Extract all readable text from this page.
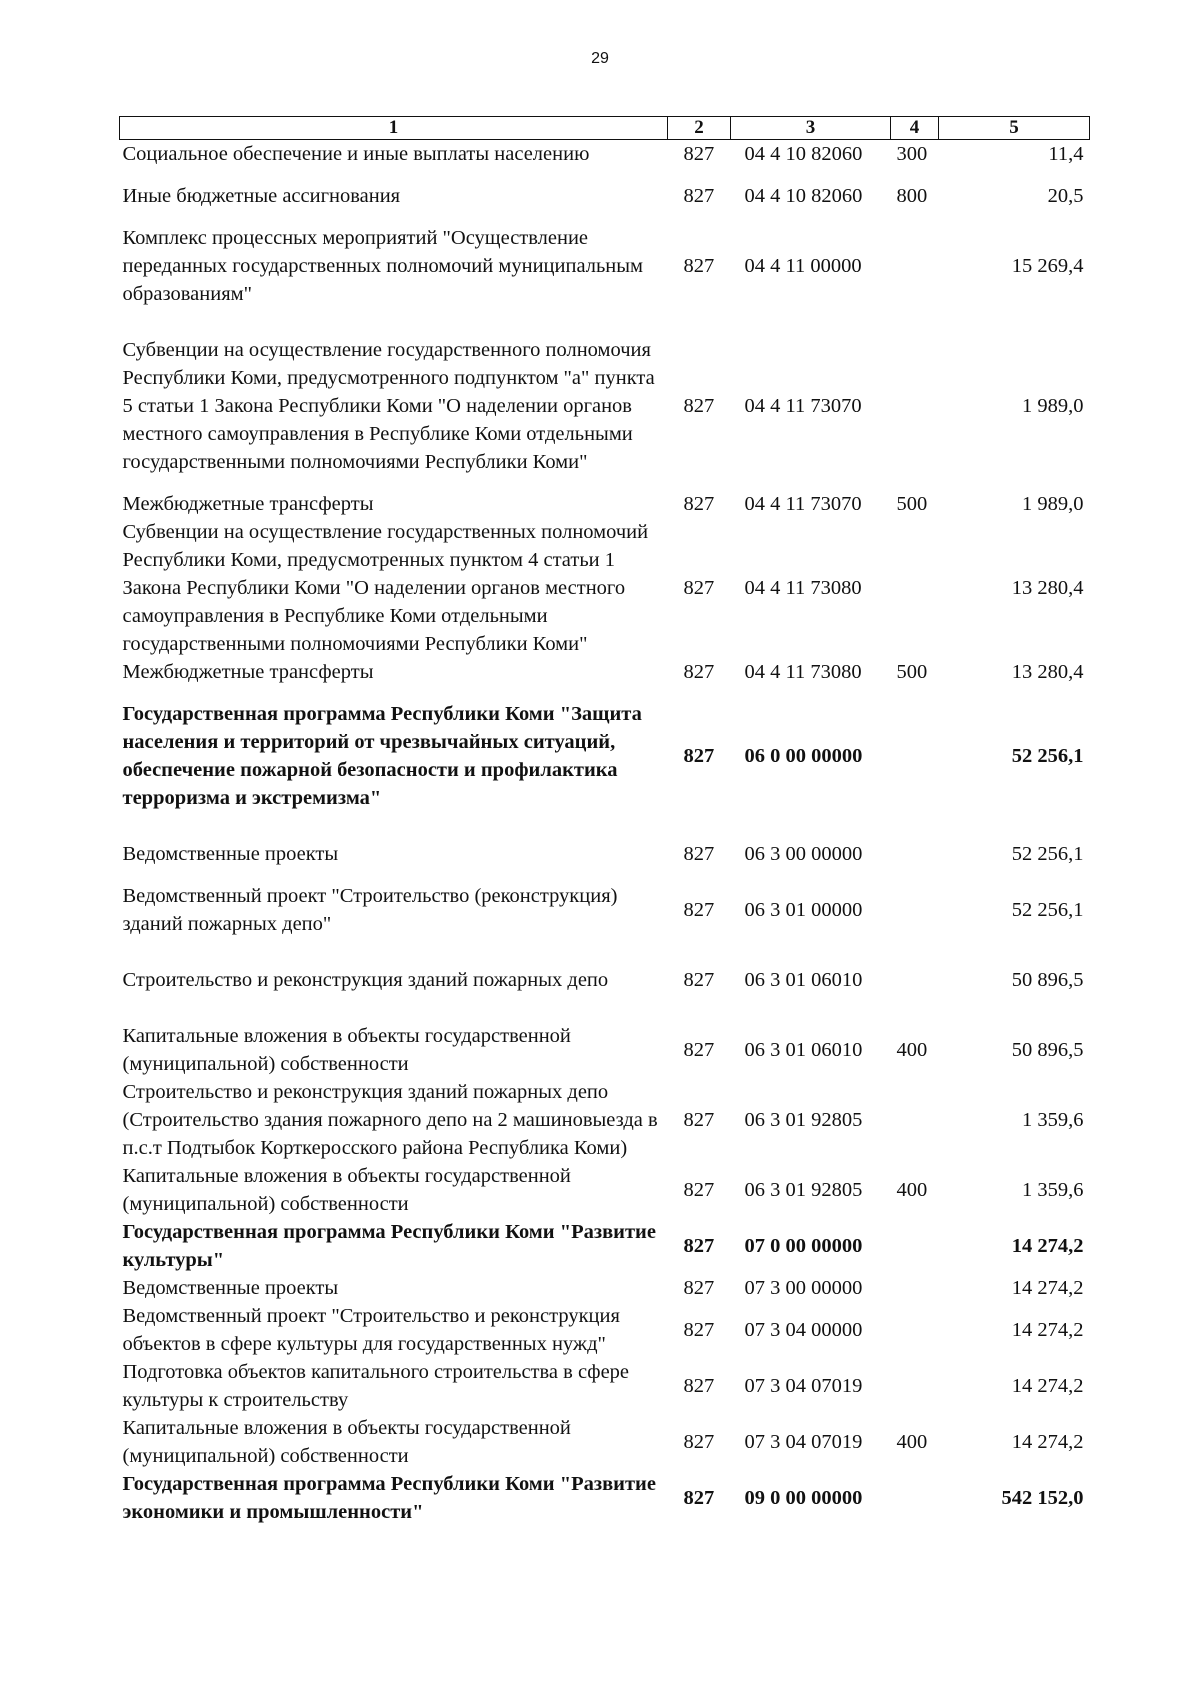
29
1	2	3	4	5
Социальное обеспечение и иные выплаты населению	827	04 4 10 82060	300	11,4
Иные бюджетные ассигнования	827	04 4 10 82060	800	20,5
Комплекс процессных мероприятий "Осуществление переданных государственных полномочий муниципальным образованиям"	827	04 4 11 00000		15 269,4
Субвенции на осуществление государственного полномочия Республики Коми, предусмотренного подпунктом "а" пункта 5 статьи 1 Закона Республики Коми "О наделении органов местного самоуправления в Республике Коми отдельными государственными полномочиями Республики Коми"	827	04 4 11 73070		1 989,0
Межбюджетные трансферты	827	04 4 11 73070	500	1 989,0
Субвенции на осуществление государственных полномочий Республики Коми, предусмотренных пунктом 4 статьи 1 Закона Республики Коми "О наделении органов местного самоуправления в Республике Коми отдельными государственными полномочиями Республики Коми"	827	04 4 11 73080		13 280,4
Межбюджетные трансферты	827	04 4 11 73080	500	13 280,4
Государственная программа Республики Коми "Защита населения и территорий от чрезвычайных ситуаций, обеспечение пожарной безопасности и профилактика терроризма и экстремизма"	827	06 0 00 00000		52 256,1
Ведомственные проекты	827	06 3 00 00000		52 256,1
Ведомственный проект "Строительство (реконструкция) зданий пожарных депо"	827	06 3 01 00000		52 256,1
Строительство и реконструкция зданий пожарных депо	827	06 3 01 06010		50 896,5
Капитальные вложения в объекты государственной (муниципальной) собственности	827	06 3 01 06010	400	50 896,5
Строительство и реконструкция зданий пожарных депо (Строительство здания пожарного депо на 2 машиновыезда в п.с.т Подтыбок Корткеросского района Республика Коми)	827	06 3 01 92805		1 359,6
Капитальные вложения в объекты государственной (муниципальной) собственности	827	06 3 01 92805	400	1 359,6
Государственная программа Республики Коми "Развитие культуры"	827	07 0 00 00000		14 274,2
Ведомственные проекты	827	07 3 00 00000		14 274,2
Ведомственный проект "Строительство и реконструкция объектов в сфере культуры для государственных нужд"	827	07 3 04 00000		14 274,2
Подготовка объектов капитального строительства в сфере культуры к строительству	827	07 3 04 07019		14 274,2
Капитальные вложения в объекты государственной (муниципальной) собственности	827	07 3 04 07019	400	14 274,2
Государственная программа Республики Коми "Развитие экономики и промышленности"	827	09 0 00 00000		542 152,0
